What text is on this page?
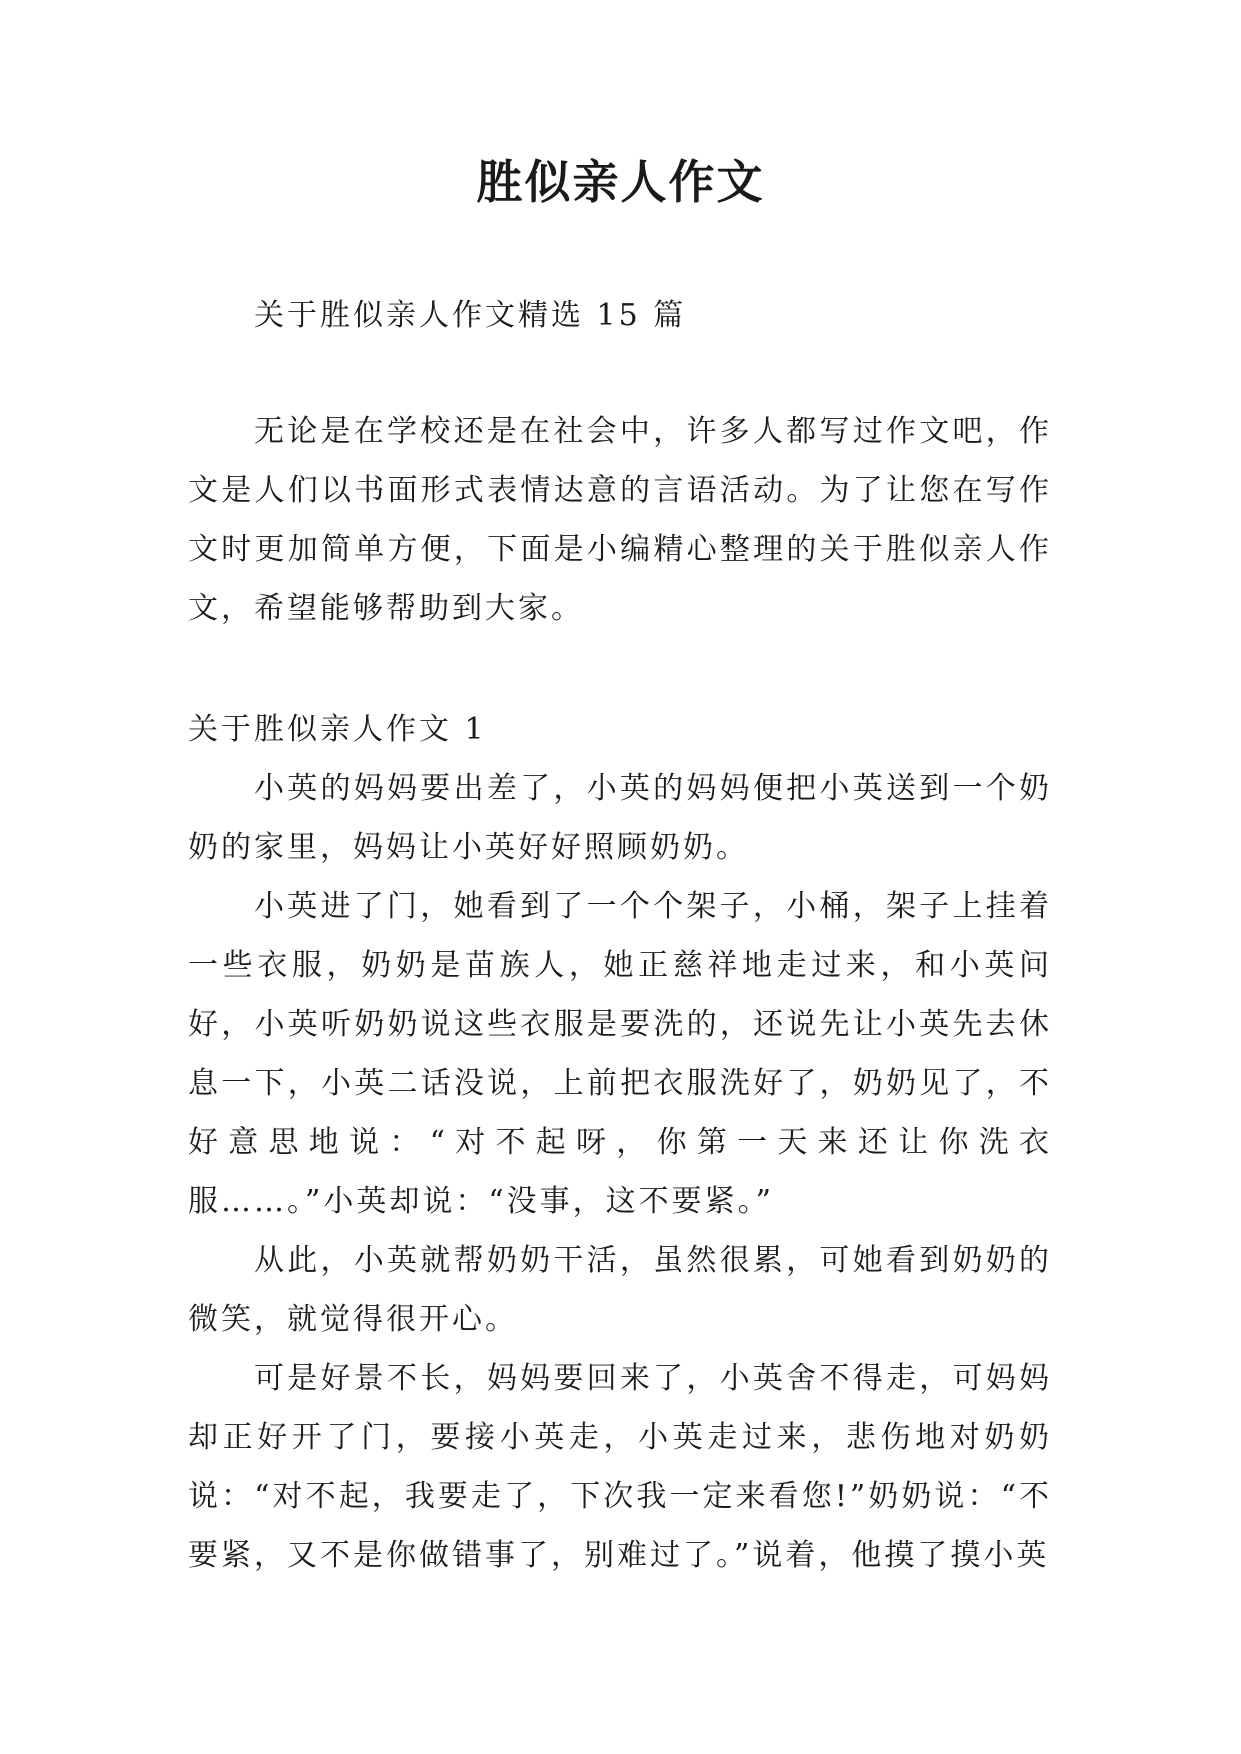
胜似亲人作文

关于胜似亲人作文精选 15 篇

无论是在学校还是在社会中，许多人都写过作文吧，作文是人们以书面形式表情达意的言语活动。为了让您在写作文时更加简单方便，下面是小编精心整理的关于胜似亲人作文，希望能够帮助到大家。

关于胜似亲人作文 1

小英的妈妈要出差了，小英的妈妈便把小英送到一个奶奶的家里，妈妈让小英好好照顾奶奶。

小英进了门，她看到了一个个架子，小桶，架子上挂着一些衣服，奶奶是苗族人，她正慈祥地走过来，和小英问好，小英听奶奶说这些衣服是要洗的，还说先让小英先去休息一下，小英二话没说，上前把衣服洗好了，奶奶见了，不好意思地说：“对不起呀，你第一天来还让你洗衣服……。”小英却说：“没事，这不要紧。”

从此，小英就帮奶奶干活，虽然很累，可她看到奶奶的微笑，就觉得很开心。

可是好景不长，妈妈要回来了，小英舍不得走，可妈妈却正好开了门，要接小英走，小英走过来，悲伤地对奶奶说：“对不起，我要走了，下次我一定来看您!”奶奶说：“不要紧，又不是你做错事了，别难过了。”说着，他摸了摸小英
